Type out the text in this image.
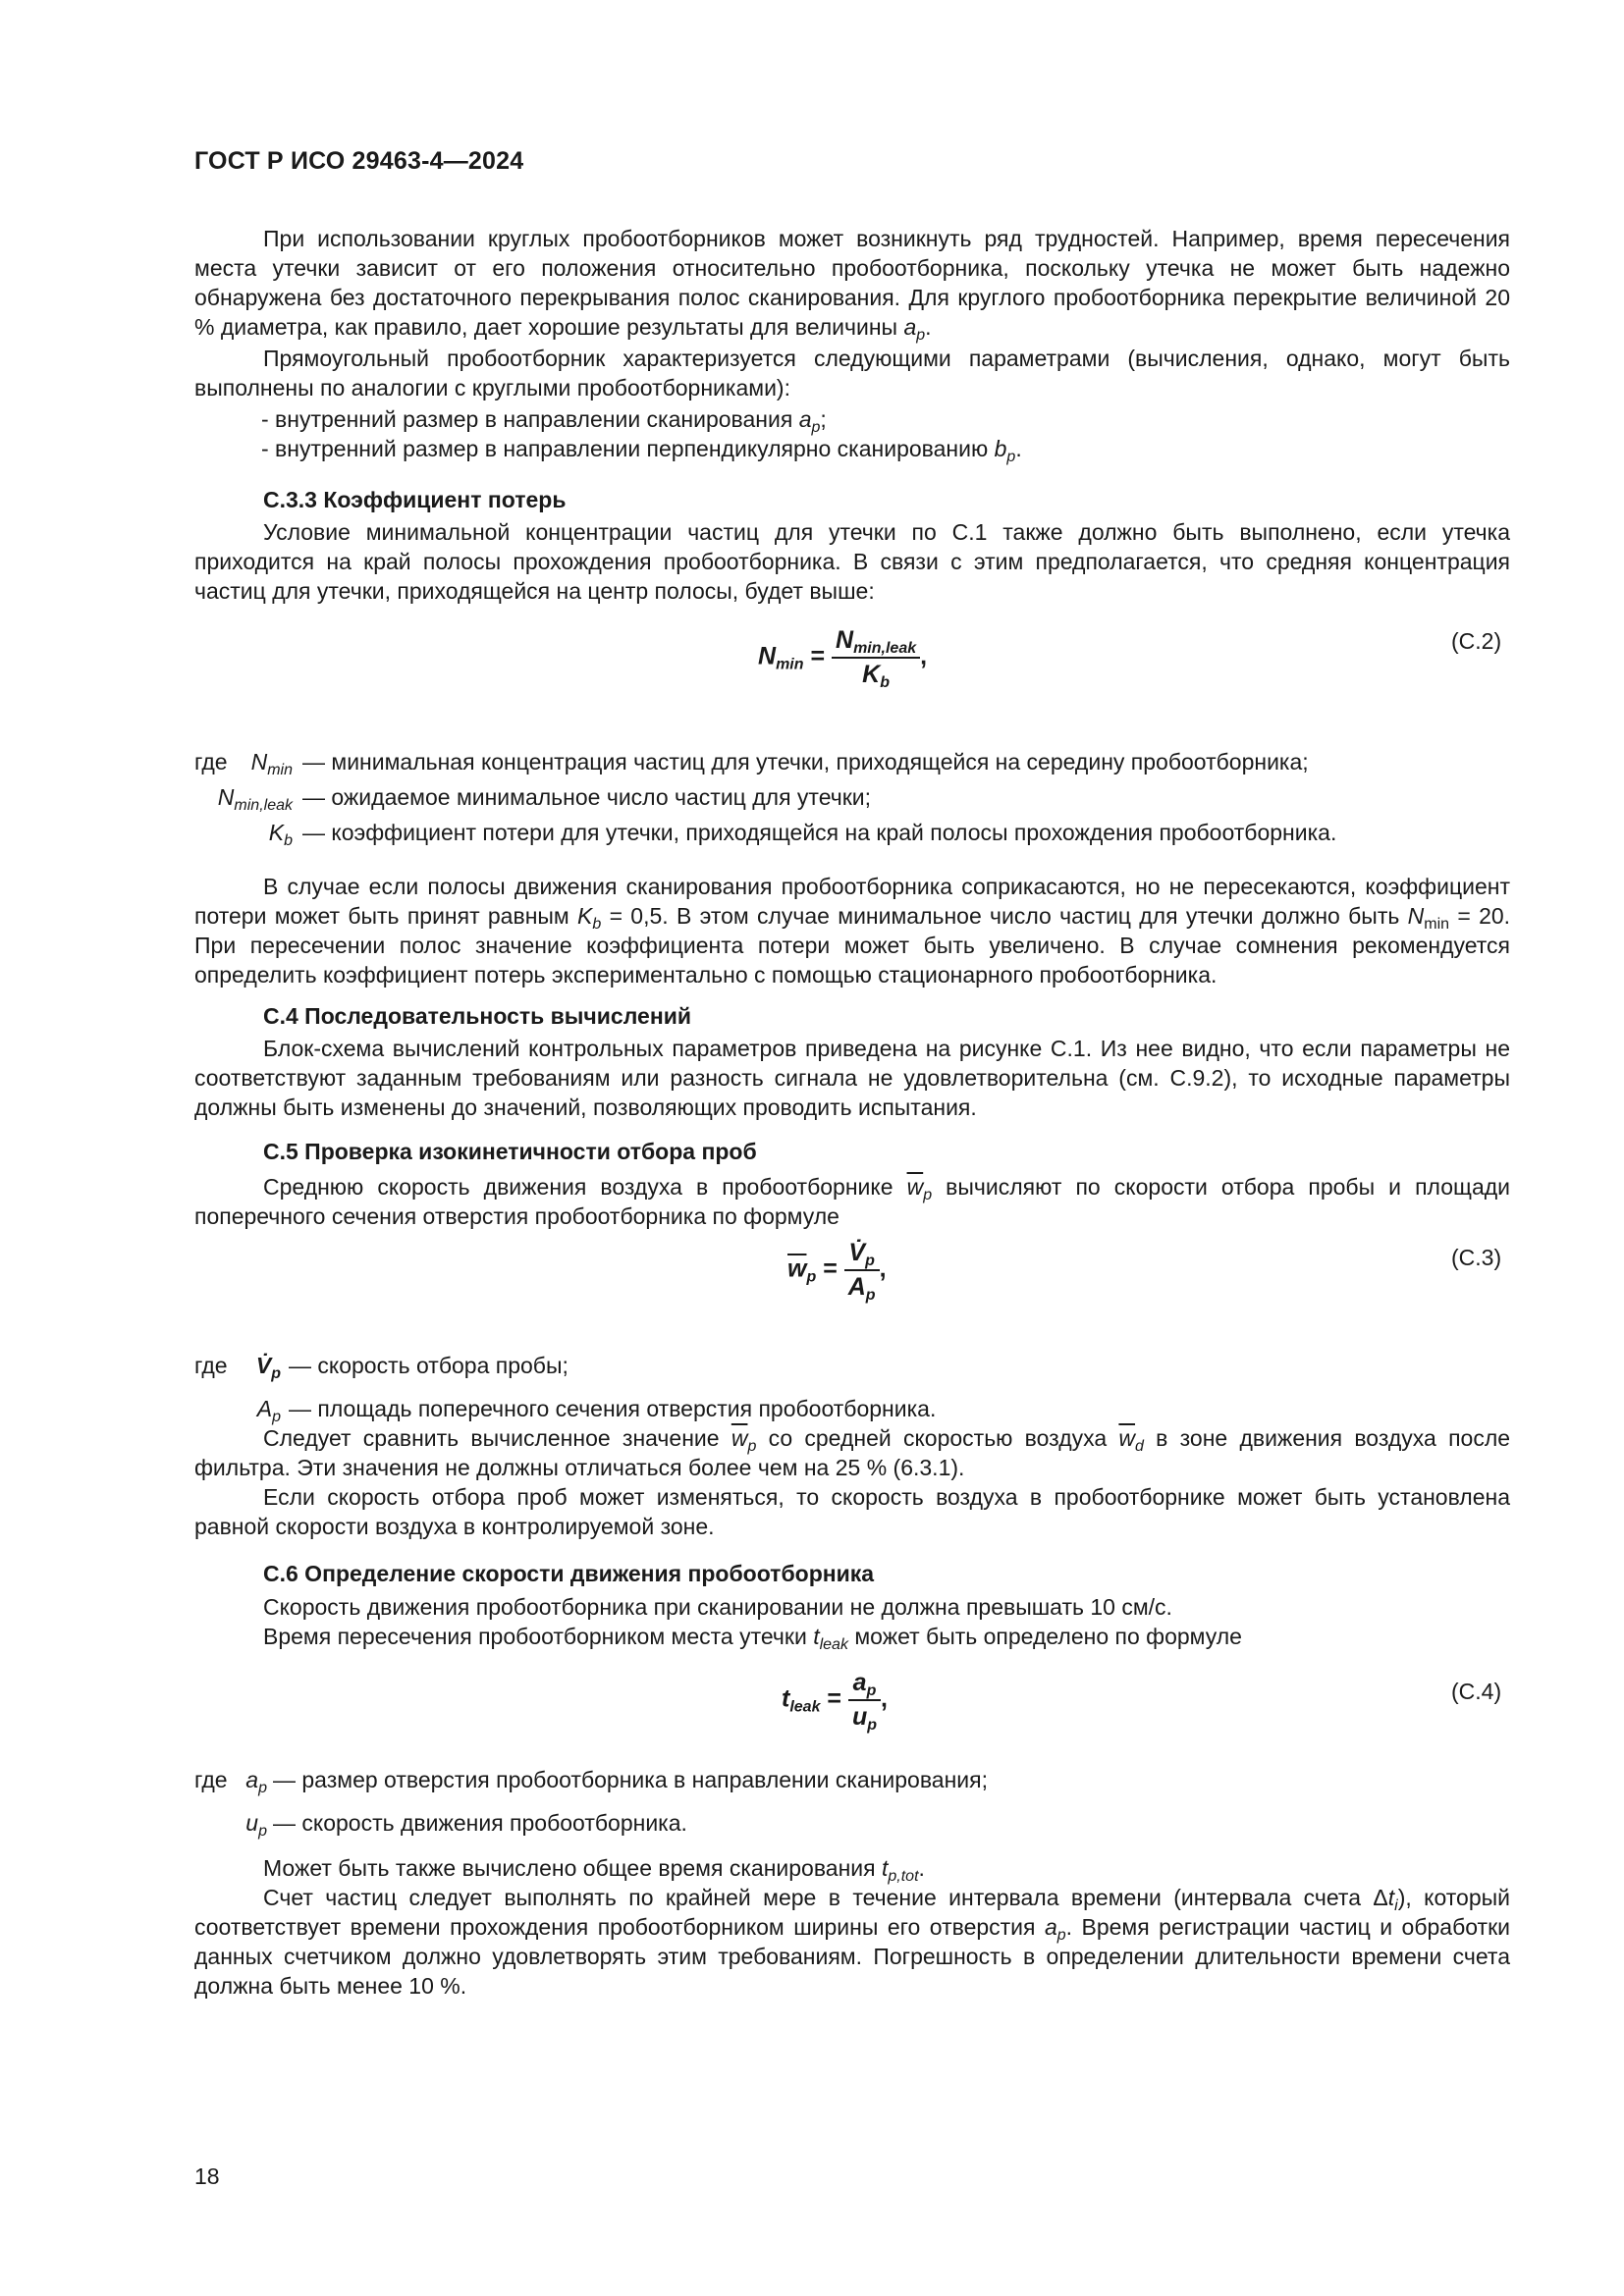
ГОСТ Р ИСО 29463-4—2024

При использовании круглых пробоотборников может возникнуть ряд трудностей. Например, время пересечения места утечки зависит от его положения относительно пробоотборника, поскольку утечка не может быть надежно обнаружена без достаточного перекрывания полос сканирования. Для круглого пробоотборника перекрытие величиной 20 % диаметра, как правило, дает хорошие результаты для величины $a_p$.

Прямоугольный пробоотборник характеризуется следующими параметрами (вычисления, однако, могут быть выполнены по аналогии с круглыми пробоотборниками):

- внутренний размер в направлении сканирования $a_p$;
- внутренний размер в направлении перпендикулярно сканированию $b_p$.
С.3.3 Коэффициент потерь

Условие минимальной концентрации частиц для утечки по С.1 также должно быть выполнено, если утечка приходится на край полосы прохождения пробоотборника. В связи с этим предполагается, что средняя концентрация частиц для утечки, приходящейся на центр полосы, будет выше:

$N_{min} = \frac{N_{min,leak}}{K_b}$ ,
(С.2)
где	$N_{min}$ — минимальная концентрация частиц для утечки, приходящейся на середину пробоотборника;
$N_{min,leak}$ — ожидаемое минимальное число частиц для утечки;
$K_b$ — коэффициент потери для утечки, приходящейся на край полосы прохождения пробоотборника.

В случае если полосы движения сканирования пробоотборника соприкасаются, но не пересекаются, коэффициент потери может быть принят равным $K_b = 0,5$. В этом случае минимальное число частиц для утечки должно быть $N_{min} = 20$. При пересечении полос значение коэффициента потери может быть увеличено. В случае сомнения рекомендуется определить коэффициент потерь экспериментально с помощью стационарного пробоотборника.

С.4 Последовательность вычислений

Блок-схема вычислений контрольных параметров приведена на рисунке С.1. Из нее видно, что если параметры не соответствуют заданным требованиям или разность сигнала не удовлетворительна (см. С.9.2), то исходные параметры должны быть изменены до значений, позволяющих проводить испытания.

С.5 Проверка изокинетичности отбора проб

Среднюю скорость движения воздуха в пробоотборнике $\overline{w}_p$ вычисляют по скорости отбора пробы и площади поперечного сечения отверстия пробоотборника по формуле

$\overline{w}_p = \frac{V̇_p}{A_p}$ ,	(С.3)
где	$V̇_p$ — скорость отбора пробы;
$A_p$ — площадь поперечного сечения отверстия пробоотборника.

Следует сравнить вычисленное значение $\overline{w}_p$ со средней скоростью воздуха $\overline{w}_d$ в зоне движения воздуха после фильтра. Эти значения не должны отличаться более чем на 25 % (6.3.1).

Если скорость отбора проб может изменяться, то скорость воздуха в пробоотборнике может быть установлена равной скорости воздуха в контролируемой зоне.

С.6 Определение скорости движения пробоотборника

Скорость движения пробоотборника при сканировании не должна превышать 10 см/с.

Время пересечения пробоотборником места утечки $t_{leak}$ может быть определено по формуле

$t_{leak} = \frac{a_p}{u_p}$ ,	(С.4)
где $a_p$ — размер отверстия пробоотборника в направлении сканирования;
$u_p$ — скорость движения пробоотборника.

Может быть также вычислено общее время сканирования $t_{p,tot}$.

Счет частиц следует выполнять по крайней мере в течение интервала времени (интервала счета $\Delta t_i$), который соответствует времени прохождения пробоотборником ширины его отверстия $a_p$. Время регистрации частиц и обработки данных счетчиком должно удовлетворять этим требованиям. Погрешность в определении длительности времени счета должна быть менее 10 %.

18
